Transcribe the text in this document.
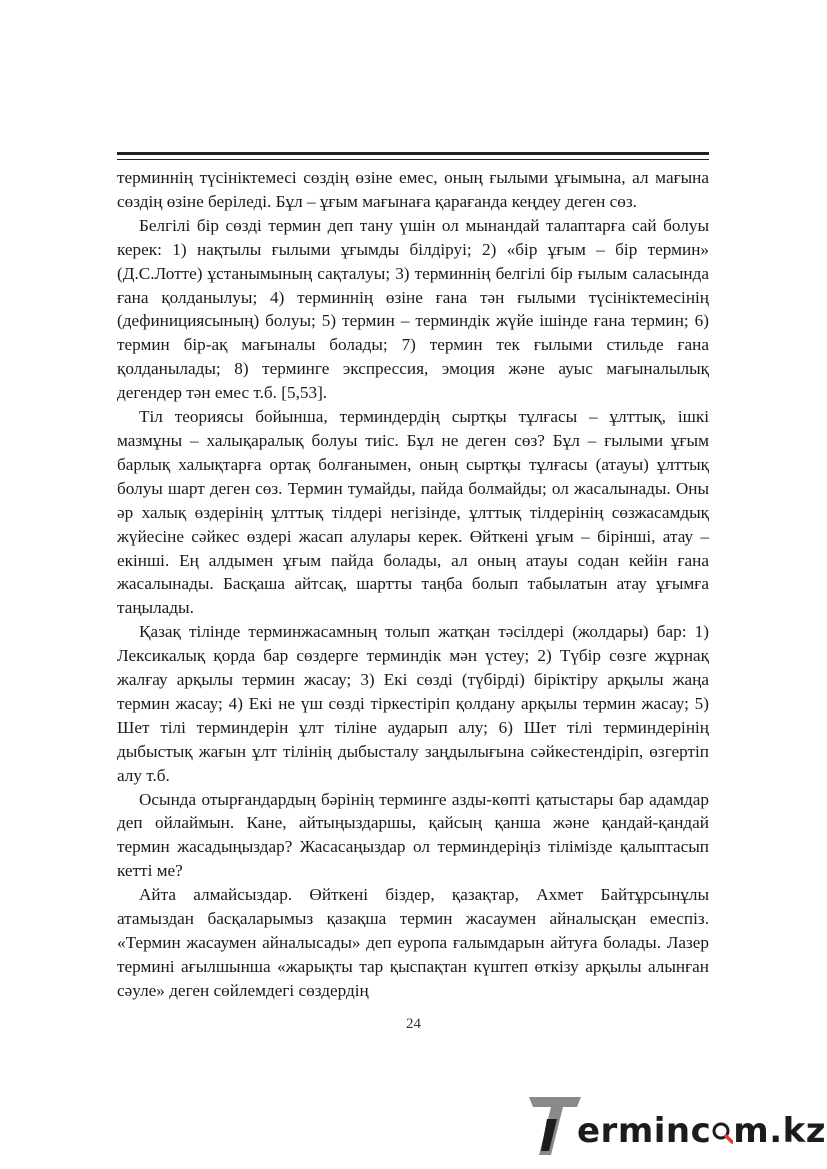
терминнің түсініктемесі сөздің өзіне емес, оның ғылыми ұғымына, ал мағына сөздің өзіне беріледі. Бұл – ұғым мағынаға қарағанда кеңдеу деген сөз.

Белгілі бір сөзді термин деп тану үшін ол мынандай талаптарға сай болуы керек: 1) нақтылы ғылыми ұғымды білдіруі; 2) «бір ұғым – бір термин» (Д.С.Лотте) ұстанымының сақталуы; 3) терминнің белгілі бір ғылым саласында ғана қолданылуы; 4) терминнің өзіне ғана тән ғылыми түсініктемесінің (дефинициясының) болуы; 5) термин – терминдік жүйе ішінде ғана термин; 6) термин бір-ақ мағыналы болады; 7) термин тек ғылыми стильде ғана қолданылады; 8) терминге экспрессия, эмоция және ауыс мағыналылық дегендер тән емес т.б. [5,53].

Тіл теориясы бойынша, терминдердің сыртқы тұлғасы – ұлттық, ішкі мазмұны – халықаралық болуы тиіс. Бұл не деген сөз? Бұл – ғылыми ұғым барлық халықтарға ортақ болғанымен, оның сыртқы тұлғасы (атауы) ұлттық болуы шарт деген сөз. Термин тумайды, пайда болмайды; ол жасалынады. Оны әр халық өздерінің ұлттық тілдері негізінде, ұлттық тілдерінің сөзжасамдық жүйесіне сәйкес өздері жасап алулары керек. Өйткені ұғым – бірінші, атау – екінші. Ең алдымен ұғым пайда болады, ал оның атауы содан кейін ғана жасалынады. Басқаша айтсақ, шартты таңба болып табылатын атау ұғымға таңылады.

Қазақ тілінде терминжасамның толып жатқан тәсілдері (жолдары) бар: 1) Лексикалық қорда бар сөздерге терминдік мән үстеу; 2) Түбір сөзге жұрнақ жалғау арқылы термин жасау; 3) Екі сөзді (түбірді) біріктіру арқылы жаңа термин жасау; 4) Екі не үш сөзді тіркестіріп қолдану арқылы термин жасау; 5) Шет тілі терминдерін ұлт тіліне аударып алу; 6) Шет тілі терминдерінің дыбыстық жағын ұлт тілінің дыбысталу заңдылығына сәйкестендіріп, өзгертіп алу т.б.

Осында отырғандардың бәрінің терминге азды-көпті қатыстары бар адамдар деп ойлаймын. Кане, айтыңыздаршы, қайсың қанша және қандай-қандай термин жасадыңыздар? Жасасаңыздар ол терминдеріңіз тілімізде қалыптасып кетті ме?

Айта алмайсыздар. Өйткені біздер, қазақтар, Ахмет Байтұрсынұлы атамыздан басқаларымыз қазақша термин жасаумен айналысқан емеспіз. «Термин жасаумен айналысады» деп еуропа ғалымдарын айтуға болады. Лазер термині ағылшынша «жарықты тар қыспақтан күштеп өткізу арқылы алынған сәуле» деген сөйлемдегі сөздердің

24
erminc m.kz
